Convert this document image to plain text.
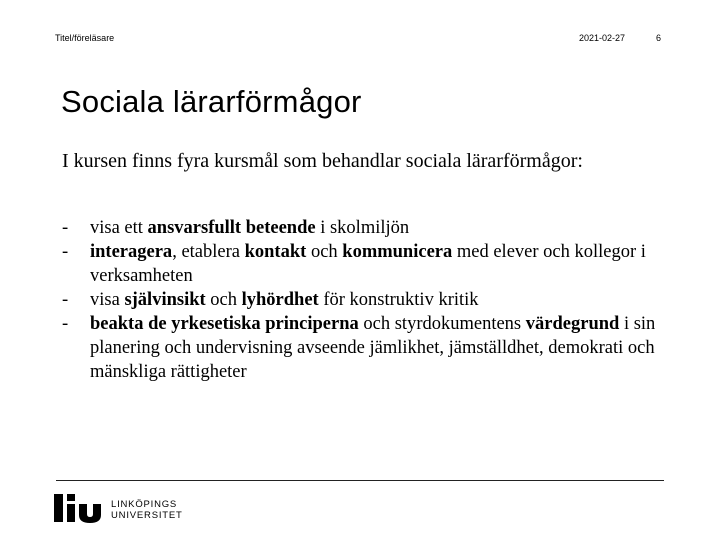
Titel/föreläsare	2021-02-27	6
Sociala lärarförmågor

I kursen finns fyra kursmål som behandlar sociala lärarförmågor:

- visa ett ansvarsfullt beteende i skolmiljön
- interagera, etablera kontakt och kommunicera med elever och kollegor i verksamheten
- visa självinsikt och lyhördhet för konstruktiv kritik
- beakta de yrkesetiska principerna och styrdokumentens värdegrund i sin planering och undervisning avseende jämlikhet, jämställdhet, demokrati och mänskliga rättigheter
LINKÖPINGS
UNIVERSITET
